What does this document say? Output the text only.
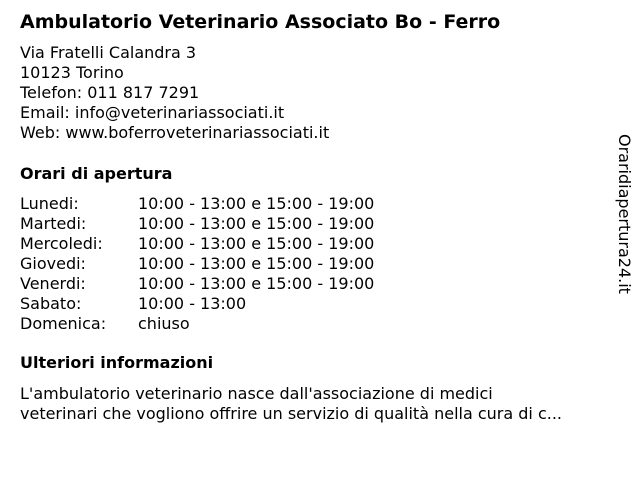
Ambulatorio Veterinario Associato Bo - Ferro
Via Fratelli Calandra 3
10123 Torino
Telefon: 011 817 7291
Email: info@veterinariassociati.it
Web: www.boferroveterinariassociati.it
Orari di apertura
Lunedi:	10:00 - 13:00 e 15:00 - 19:00
Martedi:	10:00 - 13:00 e 15:00 - 19:00
Mercoledi:	10:00 - 13:00 e 15:00 - 19:00
Giovedi:	10:00 - 13:00 e 15:00 - 19:00
Venerdi:	10:00 - 13:00 e 15:00 - 19:00
Sabato:	10:00 - 13:00
Domenica:	chiuso
Ulteriori informazioni
L'ambulatorio veterinario nasce dall'associazione di medici
veterinari che vogliono offrire un servizio di qualità nella cura di c...
Oraridiapertura24.it
